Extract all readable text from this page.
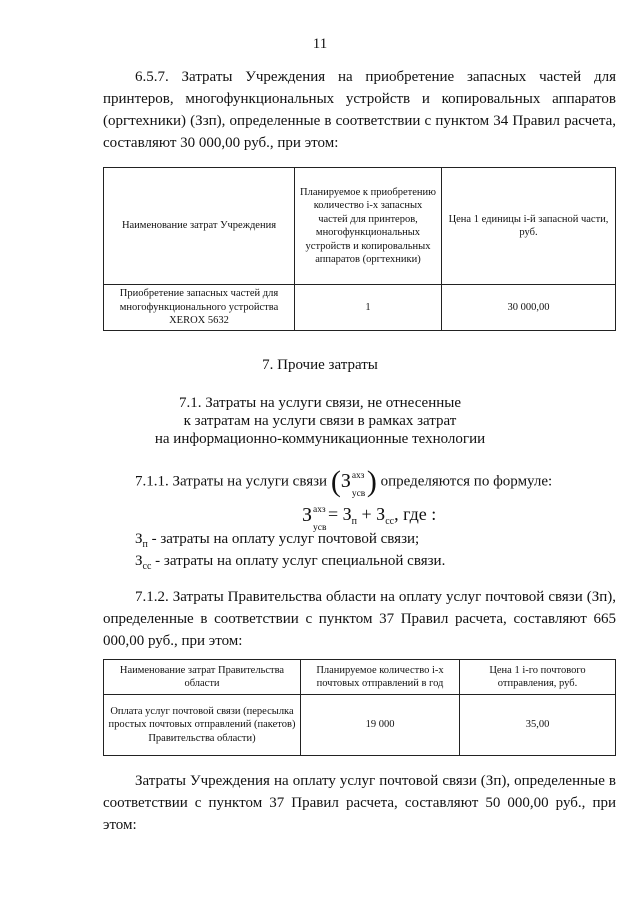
11
6.5.7. Затраты Учреждения на приобретение запасных частей для принтеров, многофункциональных устройств и копировальных аппаратов (оргтехники) (Ззп), определенные в соответствии с пунктом 34 Правил расчета, составляют 30 000,00 руб., при этом:
Наименование затрат Учреждения	Планируемое к приобретению количество i-х запасных частей для принтеров, многофункциональных устройств и копировальных аппаратов (оргтехники)	Цена 1 единицы i-й запасной части, руб.
Приобретение запасных частей для многофункционального устройства XEROX 5632	1	30 000,00
7. Прочие затраты
7.1. Затраты на услуги связи, не отнесенные
к затратам на услуги связи в рамках затрат
на информационно-коммуникационные технологии
7.1.1. Затраты на услуги связи ( З ахз
усв ) определяются по формуле:
З ахз
усв
= $З_п + З_{сс}$, где :
$З_п$ - затраты на оплату услуг почтовой связи;
$З_{сс}$ - затраты на оплату услуг специальной связи.
7.1.2. Затраты Правительства области на оплату услуг почтовой связи (Зп), определенные в соответствии с пунктом 37 Правил расчета, составляют 665 000,00 руб., при этом:
Наименование затрат Правительства области	Планируемое количество i-х почтовых отправлений в год	Цена 1 i-го почтового отправления, руб.
Оплата услуг почтовой связи (пересылка простых почтовых отправлений (пакетов) Правительства области)	19 000	35,00
Затраты Учреждения на оплату услуг почтовой связи (Зп), определенные в соответствии с пунктом 37 Правил расчета, составляют 50 000,00 руб., при этом:
